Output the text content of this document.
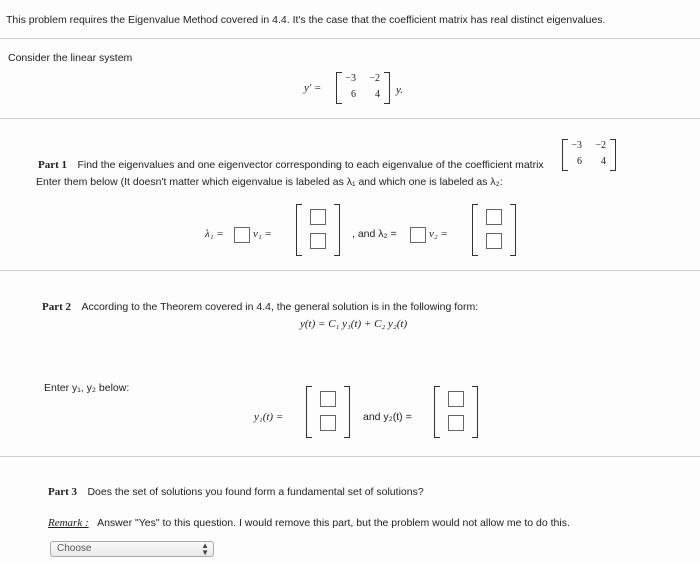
This problem requires the Eigenvalue Method covered in 4.4. It's the case that the coefficient matrix has real distinct eigenvalues.
Consider the linear system
y′ =
−3	−2
6	4 y.
Part 1 Find the eigenvalues and one eigenvector corresponding to each eigenvalue of the coefficient matrix
−3	−2
6	4
Enter them below (It doesn't matter which eigenvalue is labeled as λ₁ and which one is labeled as λ₂:
λ₁ =	v₁ =	, and λ₂ =	v₂ =
Part 2 According to the Theorem covered in 4.4, the general solution is in the following form:
y(t) = C₁ y₁(t) + C₂ y₂(t)
Enter y₁, y₂ below:
y₁(t) =	and y₂(t) =
Part 3 Does the set of solutions you found form a fundamental set of solutions?
Remark : Answer "Yes" to this question. I would remove this part, but the problem would not allow me to do this.
Choose	▲
▼
